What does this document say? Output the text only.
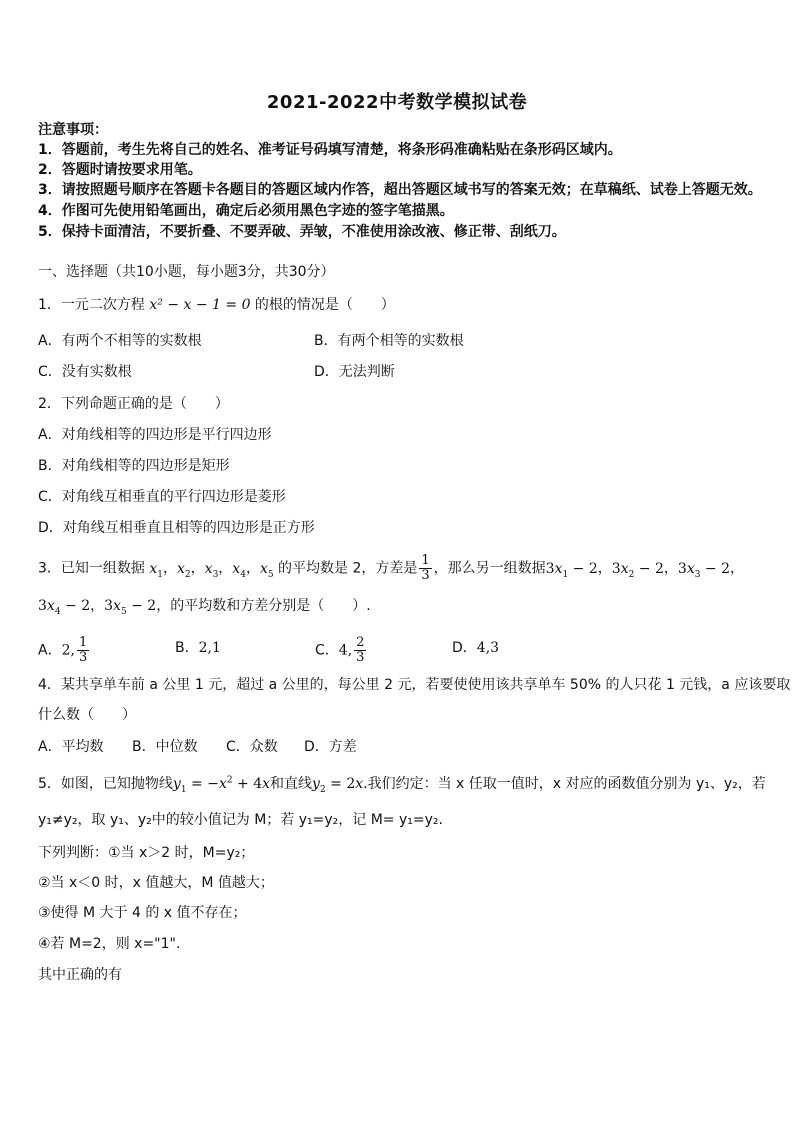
2021-2022中考数学模拟试卷
注意事项：
1．答题前，考生先将自己的姓名、准考证号码填写清楚，将条形码准确粘贴在条形码区域内。
2．答题时请按要求用笔。
3．请按照题号顺序在答题卡各题目的答题区域内作答，超出答题区域书写的答案无效；在草稿纸、试卷上答题无效。
4．作图可先使用铅笔画出，确定后必须用黑色字迹的签字笔描黑。
5．保持卡面清洁，不要折叠、不要弄破、弄皱，不准使用涂改液、修正带、刮纸刀。
一、选择题（共10小题，每小题3分，共30分）
1．一元二次方程 x² − x − 1 = 0 的根的情况是（　　）
A．有两个不相等的实数根	B．有两个相等的实数根
C．没有实数根	D．无法判断
2．下列命题正确的是（　　）
A．对角线相等的四边形是平行四边形
B．对角线相等的四边形是矩形
C．对角线互相垂直的平行四边形是菱形
D．对角线互相垂直且相等的四边形是正方形
3．已知一组数据 $x_1$，$x_2$，$x_3$，$x_4$，$x_5$ 的平均数是 2，方差是 $\frac{1}{3}$ ，那么另一组数据$3x_1 - 2$，$3x_2 - 2$，$3x_3 - 2$，
$3x_4 - 2$，$3x_5 - 2$，的平均数和方差分别是（　　）.
A．2, $\frac{1}{3}$	B．2,1	C．4, $\frac{2}{3}$	D．4,3
4．某共享单车前 a 公里 1 元，超过 a 公里的，每公里 2 元，若要使使用该共享单车 50% 的人只花 1 元钱，a 应该要取
什么数（　　）
A．平均数 B．中位数 C．众数 D．方差
5．如图，已知抛物线$y_1 = -x^2 + 4x$和直线$y_2 = 2x$.我们约定：当 x 任取一值时，x 对应的函数值分别为 y₁、y₂，若
y₁≠y₂，取 y₁、y₂中的较小值记为 M；若 y₁=y₂，记 M= y₁=y₂.
下列判断：①当 x＞2 时，M=y₂；
②当 x＜0 时，x 值越大，M 值越大；
③使得 M 大于 4 的 x 值不存在；
④若 M=2，则 x="1".
其中正确的有
